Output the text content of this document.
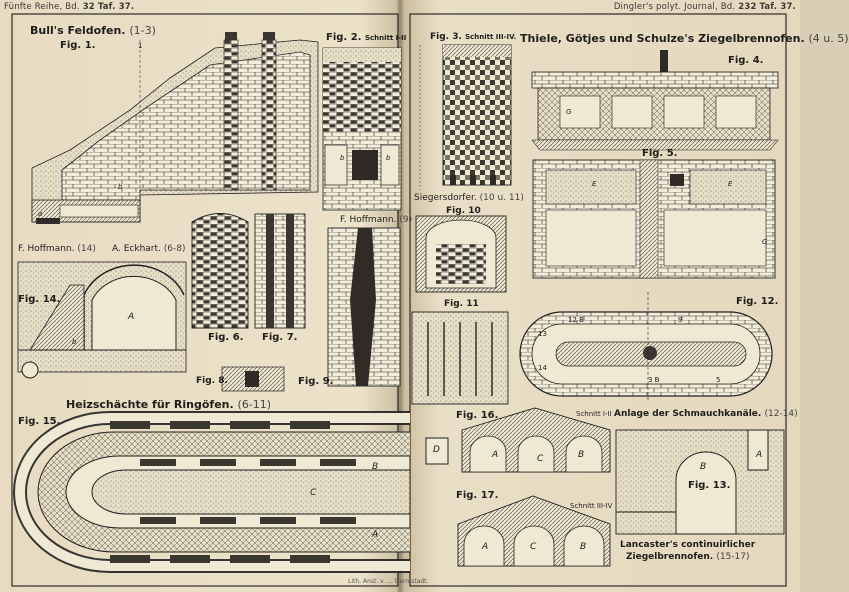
Fünfte Reihe, Bd. 32 Taf. 37.	Dingler's polyt. Journal, Bd. 232 Taf. 37.
Bull's Feldofen. (1-3)
Thiele, Götjes und Schulze's Ziegelbrennofen. (4 u. 5)
F. Hoffmann. (14) A. Eckhart. (6-8)
F. Hoffmann. (9)
Siegersdorfer. (10 u. 11)
Heizschächte für Ringöfen. (6-11)
Anlage der Schmauchkanäle. (12-14)
Lancaster's continuirlicher
Ziegelbrennofen. (15-17)
Fig. 1.
Fig. 2. Schnitt I-II	Fig. 3. Schnitt III-IV.
Fig. 4.
Fig. 5.
Fig. 6. Fig. 7.
Fig. 8.	Fig. 9.
Fig. 10
Fig. 11	Fig. 12.
Fig. 13.
Fig. 14.
Fig. 15.
Fig. 16.	Schnitt I-II
Fig. 17.
Schnitt III-IV
1
b
a
b	b
G
E	E
G
A
b
12 B
13
14
3 B
9
5
C
B
A
D	A	C	B
A	C	B
B
A
Lith. Anst. v. ... Darmstadt.
